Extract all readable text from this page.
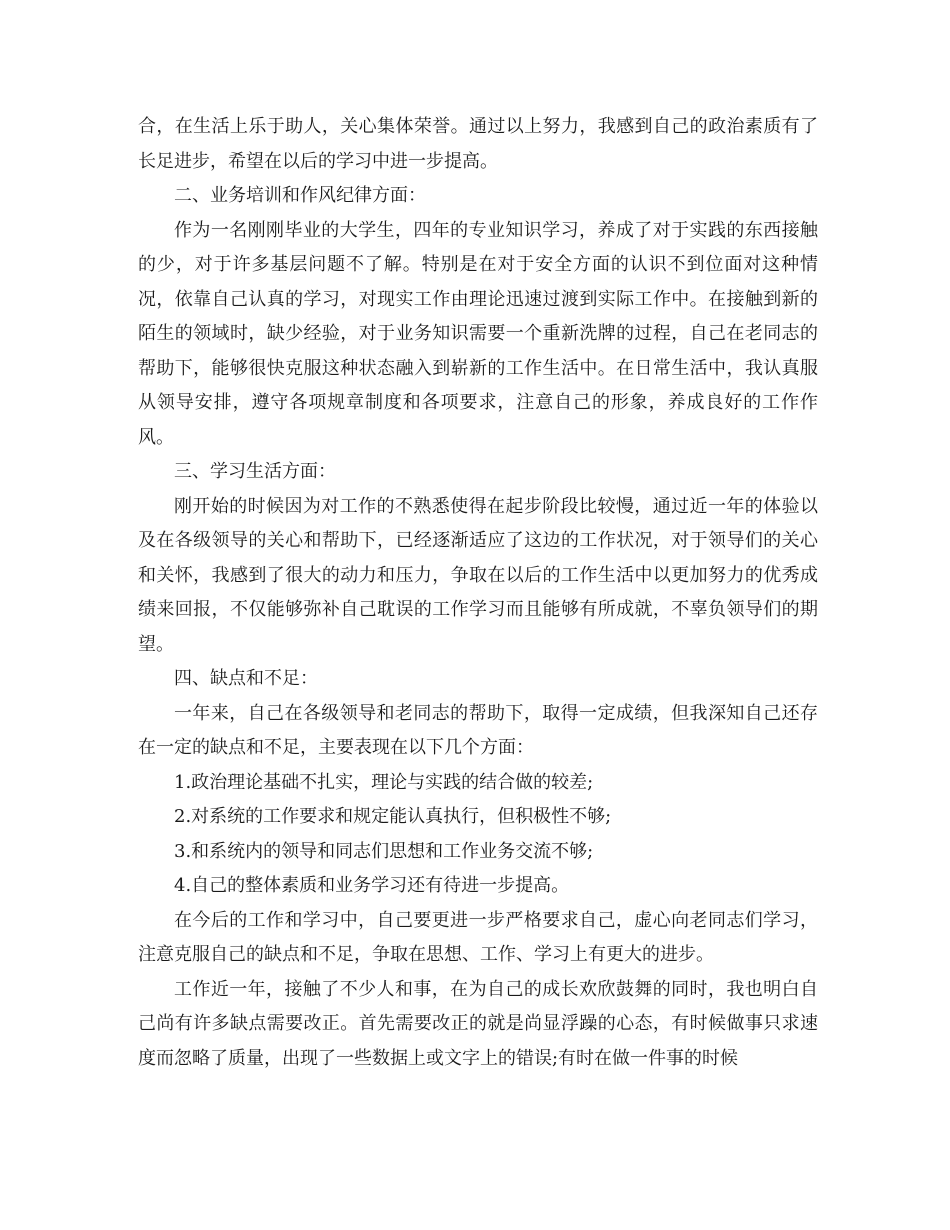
合，在生活上乐于助人，关心集体荣誉。通过以上努力，我感到自己的政治素质有了长足进步，希望在以后的学习中进一步提高。

二、业务培训和作风纪律方面：

作为一名刚刚毕业的大学生，四年的专业知识学习，养成了对于实践的东西接触的少，对于许多基层问题不了解。特别是在对于安全方面的认识不到位面对这种情况，依靠自己认真的学习，对现实工作由理论迅速过渡到实际工作中。在接触到新的陌生的领域时，缺少经验，对于业务知识需要一个重新洗牌的过程，自己在老同志的帮助下，能够很快克服这种状态融入到崭新的工作生活中。在日常生活中，我认真服从领导安排，遵守各项规章制度和各项要求，注意自己的形象，养成良好的工作作风。

三、学习生活方面：

刚开始的时候因为对工作的不熟悉使得在起步阶段比较慢，通过近一年的体验以及在各级领导的关心和帮助下，已经逐渐适应了这边的工作状况，对于领导们的关心和关怀，我感到了很大的动力和压力，争取在以后的工作生活中以更加努力的优秀成绩来回报，不仅能够弥补自己耽误的工作学习而且能够有所成就，不辜负领导们的期望。

四、缺点和不足：

一年来，自己在各级领导和老同志的帮助下，取得一定成绩，但我深知自己还存在一定的缺点和不足，主要表现在以下几个方面：

1.政治理论基础不扎实，理论与实践的结合做的较差;

2.对系统的工作要求和规定能认真执行，但积极性不够;

3.和系统内的领导和同志们思想和工作业务交流不够;

4.自己的整体素质和业务学习还有待进一步提高。

在今后的工作和学习中，自己要更进一步严格要求自己，虚心向老同志们学习，注意克服自己的缺点和不足，争取在思想、工作、学习上有更大的进步。

工作近一年，接触了不少人和事，在为自己的成长欢欣鼓舞的同时，我也明白自己尚有许多缺点需要改正。首先需要改正的就是尚显浮躁的心态，有时候做事只求速度而忽略了质量，出现了一些数据上或文字上的错误;有时在做一件事的时候
